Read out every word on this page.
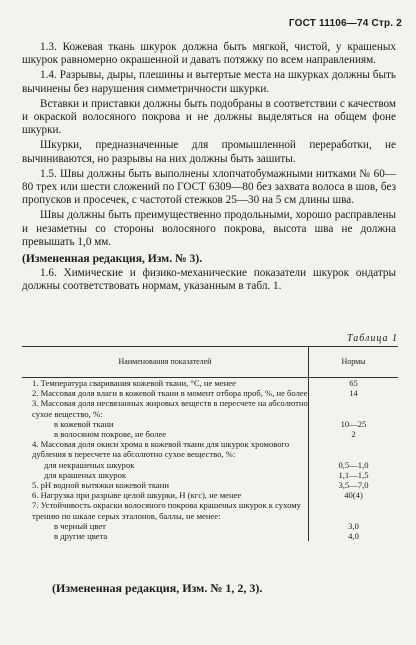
ГОСТ 11106—74 Стр. 2

1.3. Кожевая ткань шкурок должна быть мягкой, чистой, у крашеных шкурок равномерно окрашенной и давать потяжку по всем направлениям.

1.4. Разрывы, дыры, плешины и вытертые места на шкурках должны быть вычинены без нарушения симметричности шкурки.

Вставки и приставки должны быть подобраны в соответствии с качеством и окраской волосяного покрова и не должны выделяться на общем фоне шкурки.

Шкурки, предназначенные для промышленной переработки, не вычиниваются, но разрывы на них должны быть зашиты.

1.5. Швы должны быть выполнены хлопчатобумажными нитками № 60—80 трех или шести сложений по ГОСТ 6309—80 без захвата волоса в шов, без пропусков и просечек, с частотой стежков 25—30 на 5 см длины шва.

Швы должны быть преимущественно продольными, хорошо расправлены и незаметны со стороны волосяного покрова, высота шва не должна превышать 1,0 мм.

(Измененная редакция, Изм. № 3).

1.6. Химические и физико-механические показатели шкурок ондатры должны соответствовать нормам, указанным в табл. 1.

Таблица 1
Наименования показателей	Нормы
1. Температура сваривания кожевой ткани, °С, не менее	65
2. Массовая доля влаги в кожевой ткани в момент отбора проб, %, не более	14
3. Массовая доля несвязанных жировых веществ в пересчете на абсолютно сухое вещество, %:	
в кожевой ткани	10—25
в волосяном покрове, не более	2
4. Массовая доля окиси хрома в кожевой ткани для шкурок хромового дубления в пересчете на абсолютно сухое вещество, %:	
для некрашеных шкурок	0,5—1,0
для крашеных шкурок	1,1—1,5
5. pH водной вытяжки кожевой ткани	3,5—7,0
6. Нагрузка при разрыве целой шкурки, Н (кгс), не менее	40(4)
7. Устойчивость окраски волосяного покрова крашеных шкурок к сухому трению по шкале серых эталонов, баллы, не менее:	
в черный цвет	3,0
в другие цвета	4,0
(Измененная редакция, Изм. № 1, 2, 3).
